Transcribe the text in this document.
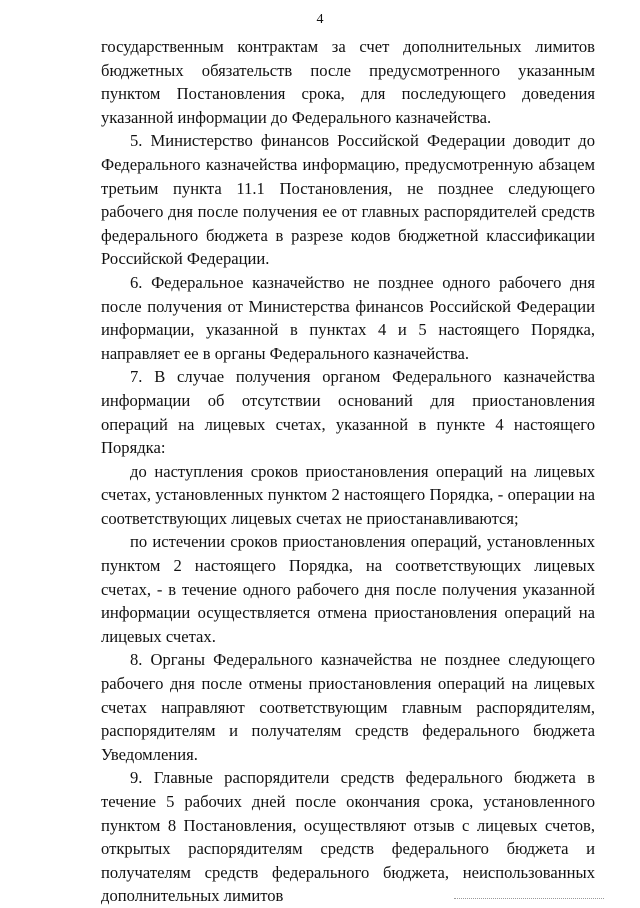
4

государственным контрактам за счет дополнительных лимитов бюджетных обязательств после предусмотренного указанным пунктом Постановления срока, для последующего доведения указанной информации до Федерального казначейства.

5. Министерство финансов Российской Федерации доводит до Федерального казначейства информацию, предусмотренную абзацем третьим пункта 11.1 Постановления, не позднее следующего рабочего дня после получения ее от главных распорядителей средств федерального бюджета в разрезе кодов бюджетной классификации Российской Федерации.

6. Федеральное казначейство не позднее одного рабочего дня после получения от Министерства финансов Российской Федерации информации, указанной в пунктах 4 и 5 настоящего Порядка, направляет ее в органы Федерального казначейства.

7. В случае получения органом Федерального казначейства информации об отсутствии оснований для приостановления операций на лицевых счетах, указанной в пункте 4 настоящего Порядка:

до наступления сроков приостановления операций на лицевых счетах, установленных пунктом 2 настоящего Порядка, - операции на соответствующих лицевых счетах не приостанавливаются;

по истечении сроков приостановления операций, установленных пунктом 2 настоящего Порядка, на соответствующих лицевых счетах, - в течение одного рабочего дня после получения указанной информации осуществляется отмена приостановления операций на лицевых счетах.

8. Органы Федерального казначейства не позднее следующего рабочего дня после отмены приостановления операций на лицевых счетах направляют соответствующим главным распорядителям, распорядителям и получателям средств федерального бюджета Уведомления.

9. Главные распорядители средств федерального бюджета в течение 5 рабочих дней после окончания срока, установленного пунктом 8 Постановления, осуществляют отзыв с лицевых счетов, открытых распорядителям средств федерального бюджета и получателям средств федерального бюджета, неиспользованных дополнительных лимитов
